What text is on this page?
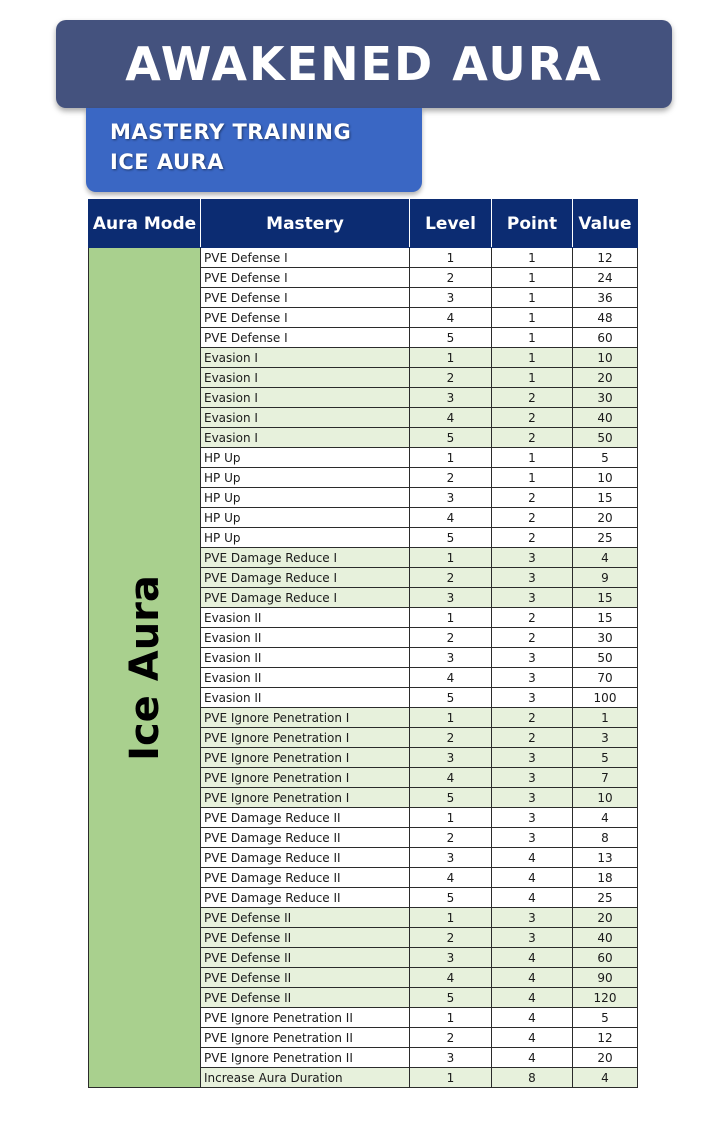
AWAKENED AURA
MASTERY TRAINING
ICE AURA
Aura Mode	Mastery	Level	Point	Value

Ice Aura	PVE Defense I	1	1	12
	PVE Defense I	2	1	24
	PVE Defense I	3	1	36
	PVE Defense I	4	1	48
	PVE Defense I	5	1	60
	Evasion I	1	1	10
	Evasion I	2	1	20
	Evasion I	3	2	30
	Evasion I	4	2	40
	Evasion I	5	2	50
	HP Up	1	1	5
	HP Up	2	1	10
	HP Up	3	2	15
	HP Up	4	2	20
	HP Up	5	2	25
	PVE Damage Reduce I	1	3	4
	PVE Damage Reduce I	2	3	9
	PVE Damage Reduce I	3	3	15
	Evasion II	1	2	15
	Evasion II	2	2	30
	Evasion II	3	3	50
	Evasion II	4	3	70
	Evasion II	5	3	100
	PVE Ignore Penetration I	1	2	1
	PVE Ignore Penetration I	2	2	3
	PVE Ignore Penetration I	3	3	5
	PVE Ignore Penetration I	4	3	7
	PVE Ignore Penetration I	5	3	10
	PVE Damage Reduce II	1	3	4
	PVE Damage Reduce II	2	3	8
	PVE Damage Reduce II	3	4	13
	PVE Damage Reduce II	4	4	18
	PVE Damage Reduce II	5	4	25
	PVE Defense II	1	3	20
	PVE Defense II	2	3	40
	PVE Defense II	3	4	60
	PVE Defense II	4	4	90
	PVE Defense II	5	4	120
	PVE Ignore Penetration II	1	4	5
	PVE Ignore Penetration II	2	4	12
	PVE Ignore Penetration II	3	4	20
	Increase Aura Duration	1	8	4
